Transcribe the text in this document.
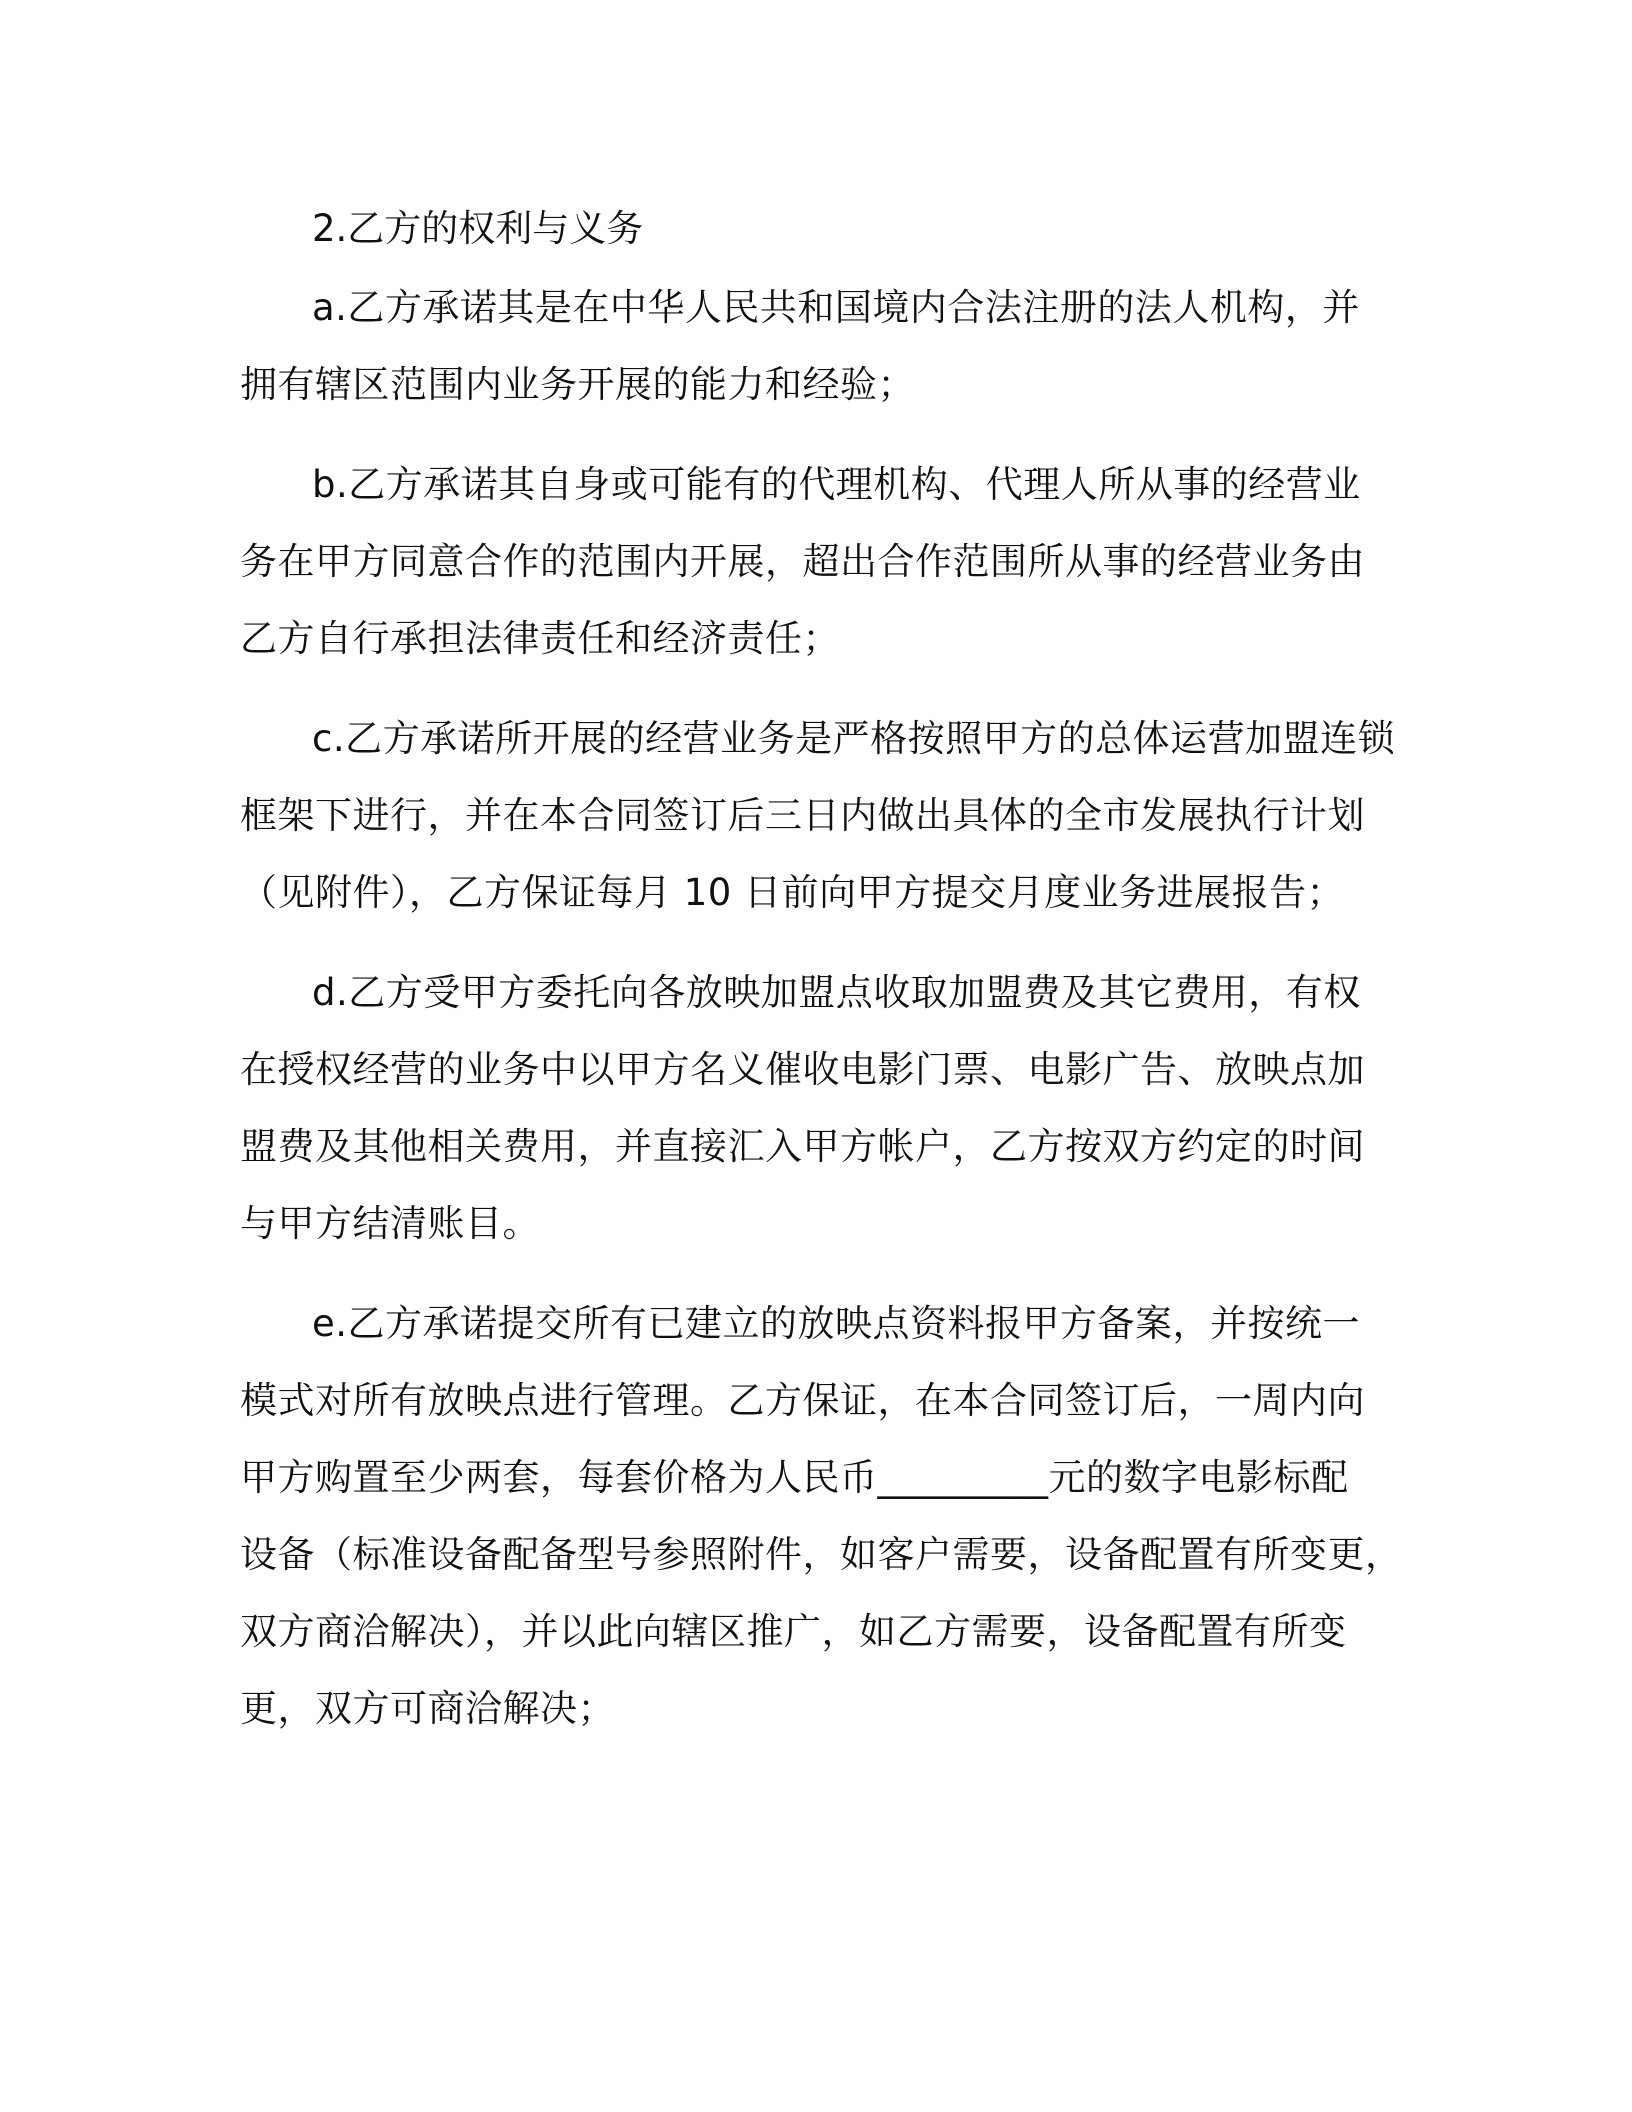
2.乙方的权利与义务
a.乙方承诺其是在中华人民共和国境内合法注册的法人机构，并
拥有辖区范围内业务开展的能力和经验；
b.乙方承诺其自身或可能有的代理机构、代理人所从事的经营业
务在甲方同意合作的范围内开展，超出合作范围所从事的经营业务由
乙方自行承担法律责任和经济责任；
c.乙方承诺所开展的经营业务是严格按照甲方的总体运营加盟连锁
框架下进行，并在本合同签订后三日内做出具体的全市发展执行计划
（见附件），乙方保证每月 10 日前向甲方提交月度业务进展报告；
d.乙方受甲方委托向各放映加盟点收取加盟费及其它费用，有权
在授权经营的业务中以甲方名义催收电影门票、电影广告、放映点加
盟费及其他相关费用，并直接汇入甲方帐户，乙方按双方约定的时间
与甲方结清账目。
e.乙方承诺提交所有已建立的放映点资料报甲方备案，并按统一
模式对所有放映点进行管理。乙方保证，在本合同签订后，一周内向
甲方购置至少两套，每套价格为人民币_________元的数字电影标配
设备（标准设备配备型号参照附件，如客户需要，设备配置有所变更，
双方商洽解决），并以此向辖区推广，如乙方需要，设备配置有所变
更，双方可商洽解决；
